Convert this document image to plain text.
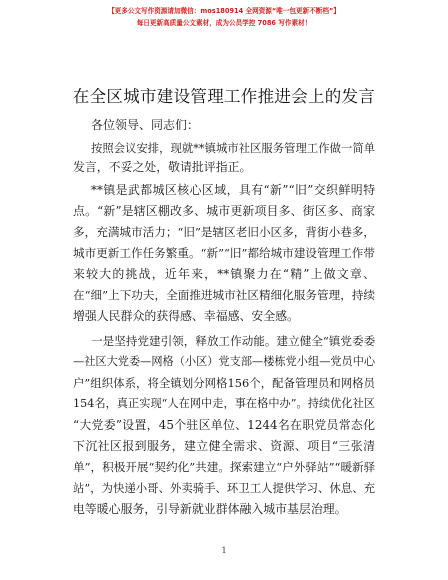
【更多公文写作资源请加微信：mos180914 全网资源“唯一包更新不断档”】
每日更新高质量公文素材，成为公员学控 7086 写作素材！
在全区城市建设管理工作推进会上的发言
各位领导、同志们：
按照会议安排，现就**镇城市社区服务管理工作做一简单
发言，不妥之处，敬请批评指正。
**镇是武都城区核心区域，具有“新”“旧”交织鲜明特
点。“新”是辖区棚改多、城市更新项目多、街区多、商家
多，充满城市活力；“旧”是辖区老旧小区多，背街小巷多，
城市更新工作任务繁重。“新”“旧”都给城市建设管理工作带
来较大的挑战，近年来，**镇聚力在“精”上做文章、
在“细”上下功夫，全面推进城市社区精细化服务管理，持续
增强人民群众的获得感、幸福感、安全感。
一是坚持党建引领，释放工作动能。建立健全“镇党委委
—社区大党委—网格（小区）党支部—楼栋党小组—党员中心
户”组织体系，将全镇划分网格156个，配备管理员和网格员
154名，真正实现“人在网中走，事在格中办”。持续优化社区
“大党委”设置，45个驻区单位、1244名在职党员常态化
下沉社区报到服务，建立健全需求、资源、项目“三张清
单”，积极开展“契约化”共建。探索建立“户外驿站”“暖新驿
站”，为快递小哥、外卖骑手、环卫工人提供学习、休息、充
电等暖心服务，引导新就业群体融入城市基层治理。
1
